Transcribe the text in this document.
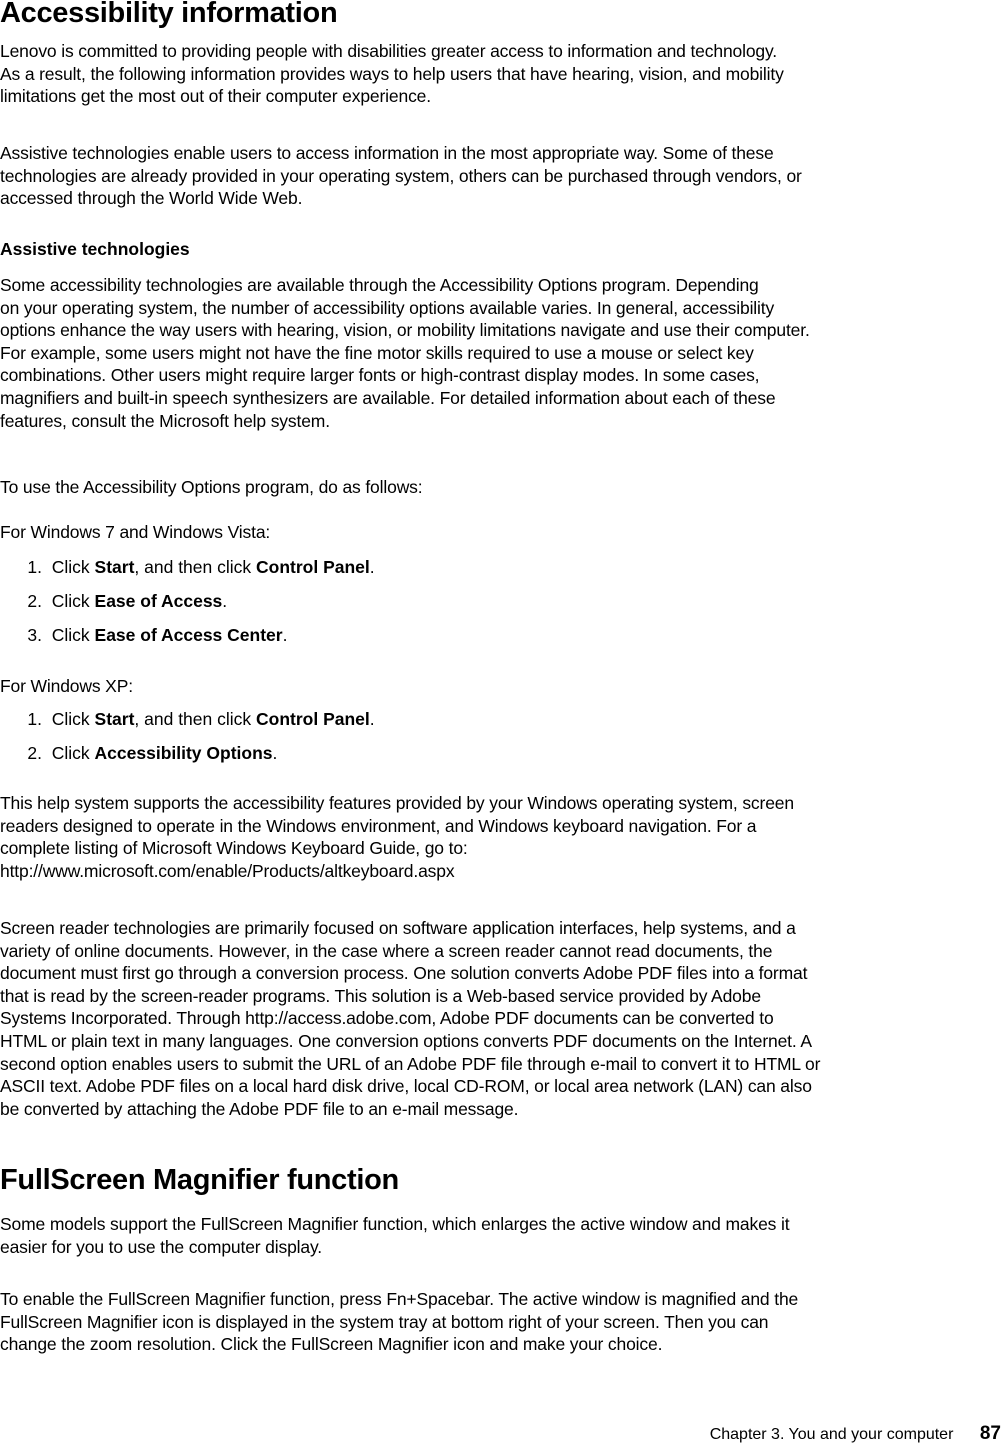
Accessibility information

Lenovo is committed to providing people with disabilities greater access to information and technology.
As a result, the following information provides ways to help users that have hearing, vision, and mobility
limitations get the most out of their computer experience.

Assistive technologies enable users to access information in the most appropriate way. Some of these
technologies are already provided in your operating system, others can be purchased through vendors, or
accessed through the World Wide Web.

Assistive technologies

Some accessibility technologies are available through the Accessibility Options program. Depending
on your operating system, the number of accessibility options available varies. In general, accessibility
options enhance the way users with hearing, vision, or mobility limitations navigate and use their computer.
For example, some users might not have the fine motor skills required to use a mouse or select key
combinations. Other users might require larger fonts or high-contrast display modes. In some cases,
magnifiers and built-in speech synthesizers are available. For detailed information about each of these
features, consult the Microsoft help system.

To use the Accessibility Options program, do as follows:

For Windows 7 and Windows Vista:

1. Click Start, and then click Control Panel.
2. Click Ease of Access.
3. Click Ease of Access Center.

For Windows XP:

1. Click Start, and then click Control Panel.
2. Click Accessibility Options.

This help system supports the accessibility features provided by your Windows operating system, screen
readers designed to operate in the Windows environment, and Windows keyboard navigation. For a
complete listing of Microsoft Windows Keyboard Guide, go to:
http://www.microsoft.com/enable/Products/altkeyboard.aspx

Screen reader technologies are primarily focused on software application interfaces, help systems, and a
variety of online documents. However, in the case where a screen reader cannot read documents, the
document must first go through a conversion process. One solution converts Adobe PDF files into a format
that is read by the screen-reader programs. This solution is a Web-based service provided by Adobe
Systems Incorporated. Through http://access.adobe.com, Adobe PDF documents can be converted to
HTML or plain text in many languages. One conversion options converts PDF documents on the Internet. A
second option enables users to submit the URL of an Adobe PDF file through e-mail to convert it to HTML or
ASCII text. Adobe PDF files on a local hard disk drive, local CD-ROM, or local area network (LAN) can also
be converted by attaching the Adobe PDF file to an e-mail message.

FullScreen Magnifier function

Some models support the FullScreen Magnifier function, which enlarges the active window and makes it
easier for you to use the computer display.

To enable the FullScreen Magnifier function, press Fn+Spacebar. The active window is magnified and the
FullScreen Magnifier icon is displayed in the system tray at bottom right of your screen. Then you can
change the zoom resolution. Click the FullScreen Magnifier icon and make your choice.

Chapter 3. You and your computer 87
